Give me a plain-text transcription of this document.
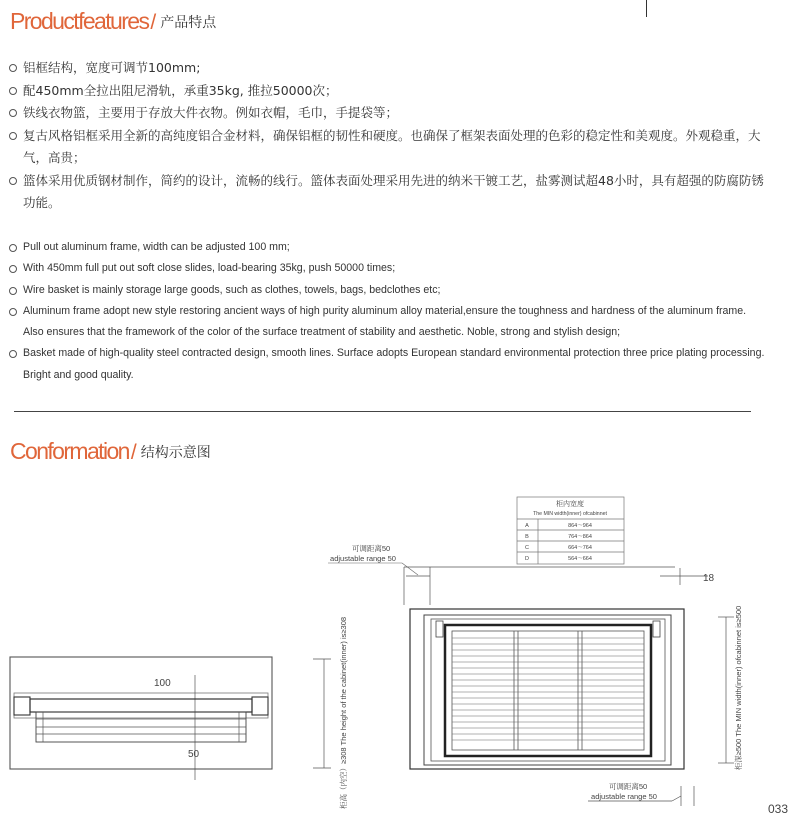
Productfeatures/ 产品特点
铝框结构，宽度可调节100mm;
配450mm全拉出阻尼滑轨，承重35kg, 推拉50000次；
铁线衣物篮，主要用于存放大件衣物。例如衣帽，毛巾，手提袋等；
复古风格铝框采用全新的高纯度铝合金材料，确保铝框的韧性和硬度。也确保了框架表面处理的色彩的稳定性和美观度。外观稳重，大气，高贵；
篮体采用优质钢材制作，简约的设计，流畅的线行。篮体表面处理采用先进的纳米干镀工艺，盐雾测试超48小时，具有超强的防腐防锈功能。
Pull out aluminum frame, width can be adjusted 100 mm;
With 450mm full put out soft close slides, load-bearing 35kg, push 50000 times;
Wire basket is mainly storage large goods, such as clothes, towels, bags, bedclothes etc;
Aluminum frame adopt new style restoring ancient ways of high purity aluminum alloy material,ensure the toughness and hardness of the aluminum frame. Also ensures that the framework of the color of the surface treatment of stability and aesthetic. Noble, strong and stylish design;
Basket made of high-quality steel contracted design, smooth lines. Surface adopts European standard environmental protection three price plating processing. Bright and good quality.
Conformation/ 结构示意图
柜内宽度
The MIN width(inner) ofcabinnet
A	864～964
B	764～864
C	664～764
D	564～664
可调距离50
adjustable range 50
18
柜深≥500 The MIN width(inner) ofcabinnet is≥500
可调距离50
adjustable range 50
033
100
50	柜高（内空）≥308 The height of the cabinet(inner) is≥308
